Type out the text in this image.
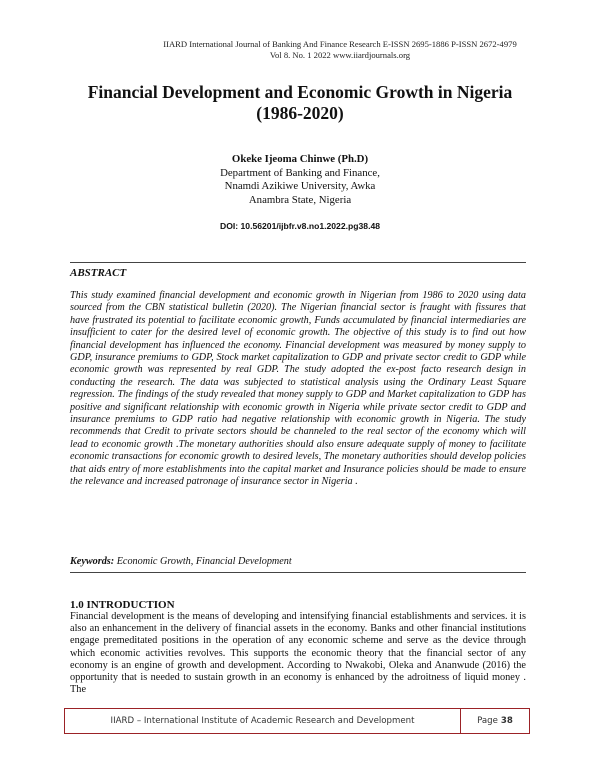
IIARD International Journal of Banking And Finance Research E-ISSN 2695-1886 P-ISSN 2672-4979
Vol 8. No. 1 2022 www.iiardjournals.org
Financial Development and Economic Growth in Nigeria
(1986-2020)
Okeke Ijeoma Chinwe (Ph.D)
Department of Banking and Finance,
Nnamdi Azikiwe University, Awka
Anambra State, Nigeria
DOI: 10.56201/ijbfr.v8.no1.2022.pg38.48
ABSTRACT

This study examined financial development and economic growth in Nigerian from 1986 to 2020 using data sourced from the CBN statistical bulletin (2020). The Nigerian financial sector is fraught with fissures that have frustrated its potential to facilitate economic growth, Funds accumulated by financial intermediaries are insufficient to cater for the desired level of economic growth. The objective of this study is to find out how financial development has influenced the economy. Financial development was measured by money supply to GDP, insurance premiums to GDP, Stock market capitalization to GDP and private sector credit to GDP while economic growth was represented by real GDP. The study adopted the ex-post facto research design in conducting the research. The data was subjected to statistical analysis using the Ordinary Least Square regression. The findings of the study revealed that money supply to GDP and Market capitalization to GDP has positive and significant relationship with economic growth in Nigeria while private sector credit to GDP and insurance premiums to GDP ratio had negative relationship with economic growth in Nigeria. The study recommends that Credit to private sectors should be channeled to the real sector of the economy which will lead to economic growth .The monetary authorities should also ensure adequate supply of money to facilitate economic transactions for economic growth to desired levels, The monetary authorities should develop policies that aids entry of more establishments into the capital market and Insurance policies should be made to ensure the relevance and increased patronage of insurance sector in Nigeria .

Keywords: Economic Growth, Financial Development
1.0 INTRODUCTION

Financial development is the means of developing and intensifying financial establishments and services. it is also an enhancement in the delivery of financial assets in the economy. Banks and other financial institutions engage premeditated positions in the operation of any economic scheme and serve as the device through which economic activities revolves. This supports the economic theory that the financial sector of any economy is an engine of growth and development. According to Nwakobi, Oleka and Ananwude (2016) the opportunity that is needed to sustain growth in an economy is enhanced by the adroitness of liquid money . The

IIARD – International Institute of Academic Research and Development	Page 38
